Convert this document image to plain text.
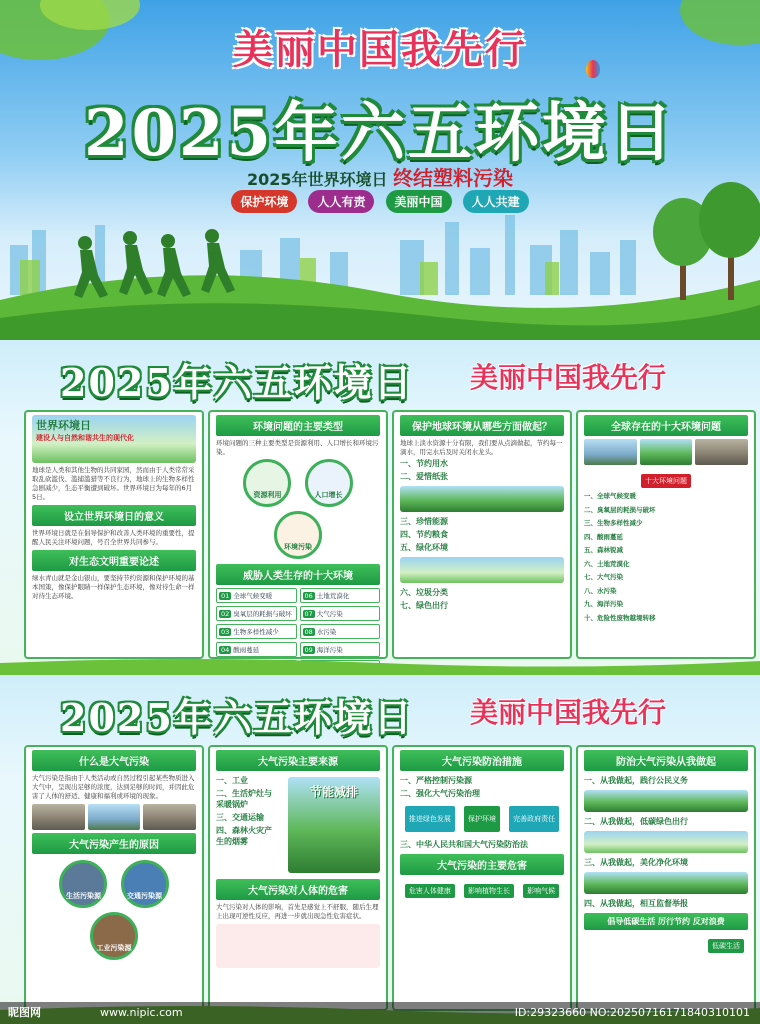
美丽中国我先行
2025年六五环境日
2025年世界环境日 终结塑料污染
保护环境 人人有责 美丽中国 人人共建
2025年六五环境日 美丽中国我先行
世界环境日
建设人与自然和谐共生的现代化
地球是人类和其他生物的共同家园，然而由于人类常常采取乱砍滥伐、滥捕滥猎等不良行为，地球上的生物多样性急剧减少，生态平衡遭到破坏。世界环境日为每年的6月5日。
设立世界环境日的意义
世界环境日就是在倡导保护和改善人类环境的重要性，提醒人民关注环境问题，号召全世界共同参与。
对生态文明重要论述
绿水青山就是金山银山，要坚持节约资源和保护环境的基本国策，像保护眼睛一样保护生态环境，像对待生命一样对待生态环境。
环境问题的主要类型
环境问题的三种主要类型是资源利用、人口增长和环境污染。
资源利用
	人口增长

环境污染
威胁人类生存的十大环境
01 全球气候变暖	06 土地荒漠化
02 臭氧层的耗损与破坏	07 大气污染
03 生物多样性减少	08 水污染
04 酸雨蔓延	09 海洋污染
保护地球环境从哪些方面做起？
地球上淡水资源十分有限，我们要从点滴做起，节约每一滴水，用完水后及时关闭水龙头。
一、节约用水
二、爱惜纸张
三、珍惜能源
四、节约粮食
五、绿化环境
六、垃圾分类
七、绿色出行
全球存在的十大环境问题
十大环境问题
一、全球气候变暖
二、臭氧层的耗损与破坏
三、生物多样性减少
四、酸雨蔓延
五、森林锐减
六、土地荒漠化
七、大气污染
八、水污染
九、海洋污染
十、危险性废物越境转移
2025年六五环境日 美丽中国我先行
什么是大气污染
大气污染是指由于人类活动或自然过程引起某些物质进入大气中，呈现出足够的浓度，达到足够的时间，并因此危害了人体的舒适、健康和福利或环境的现象。
大气污染产生的原因
生活污染源
	交通污染源

工业污染源
大气污染主要来源
一、工业
二、生活炉灶与采暖锅炉
三、交通运输
四、森林火灾产生的烟雾
节能减排
大气污染对人体的危害
大气污染对人体的影响，首先是感觉上不舒服，随后生理上出现可逆性反应，再进一步就出现急性危害症状。
大气污染防治措施
一、严格控制污染源
二、强化大气污染治理
推进绿色发展 保护环境 完善政府责任
三、中华人民共和国大气污染防治法
大气污染的主要危害
危害人体健康 影响植物生长 影响气候
防治大气污染从我做起
一、从我做起，践行公民义务
二、从我做起，低碳绿色出行
三、从我做起，美化净化环境
四、从我做起，相互监督举报
倡导低碳生活 厉行节约 反对浪费
低碳生活
昵图网	www.nipic.com	ID:29323660 NO:20250716171840310101
